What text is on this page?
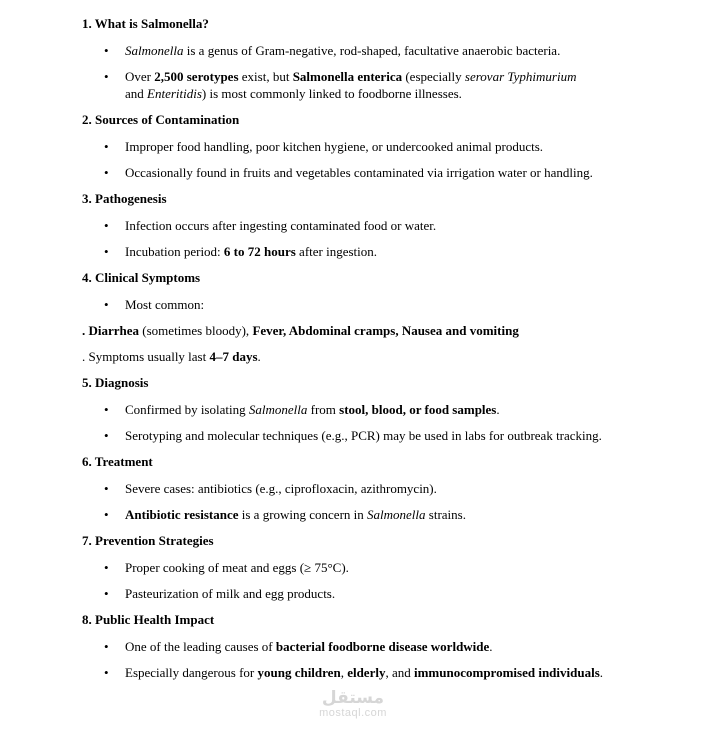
1. What is Salmonella?
• Salmonella is a genus of Gram-negative, rod-shaped, facultative anaerobic bacteria.
• Over 2,500 serotypes exist, but Salmonella enterica (especially serovar Typhimurium
and Enteritidis) is most commonly linked to foodborne illnesses.
2. Sources of Contamination
• Improper food handling, poor kitchen hygiene, or undercooked animal products.
• Occasionally found in fruits and vegetables contaminated via irrigation water or handling.
3. Pathogenesis
• Infection occurs after ingesting contaminated food or water.
• Incubation period: 6 to 72 hours after ingestion.
4. Clinical Symptoms
• Most common:
. Diarrhea (sometimes bloody), Fever, Abdominal cramps, Nausea and vomiting
. Symptoms usually last 4–7 days.
5. Diagnosis
• Confirmed by isolating Salmonella from stool, blood, or food samples.
• Serotyping and molecular techniques (e.g., PCR) may be used in labs for outbreak tracking.
6. Treatment
• Severe cases: antibiotics (e.g., ciprofloxacin, azithromycin).
• Antibiotic resistance is a growing concern in Salmonella strains.
7. Prevention Strategies
• Proper cooking of meat and eggs (≥ 75°C).
• Pasteurization of milk and egg products.
8. Public Health Impact
• One of the leading causes of bacterial foodborne disease worldwide.
• Especially dangerous for young children, elderly, and immunocompromised individuals.
مستقل
mostaql.com
